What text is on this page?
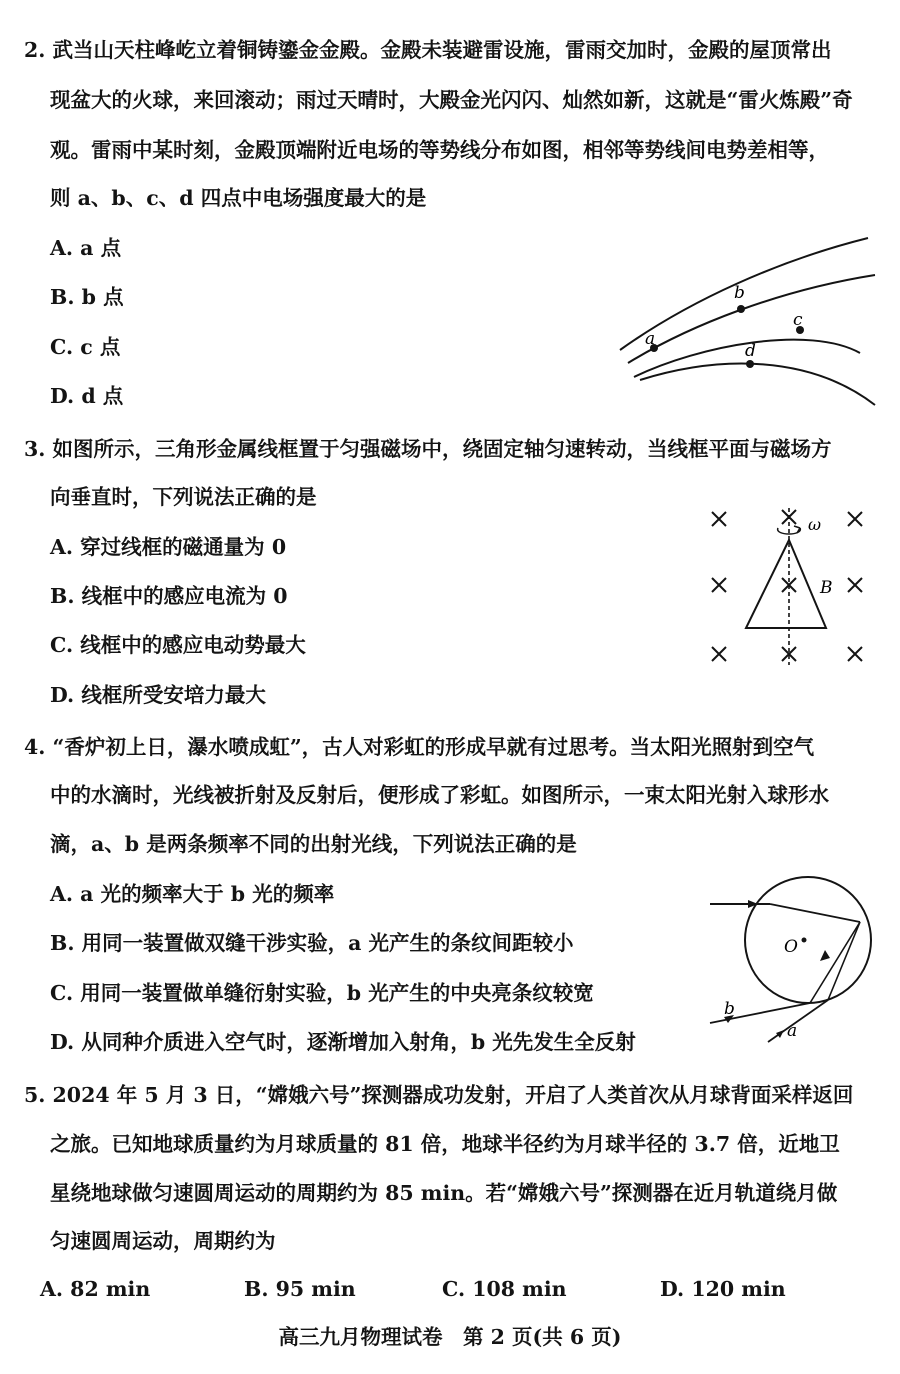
2. 武当山天柱峰屹立着铜铸鎏金金殿。金殿未装避雷设施，雷雨交加时，金殿的屋顶常出
现盆大的火球，来回滚动；雨过天晴时，大殿金光闪闪、灿然如新，这就是“雷火炼殿”奇
观。雷雨中某时刻，金殿顶端附近电场的等势线分布如图，相邻等势线间电势差相等，
则 a、b、c、d 四点中电场强度最大的是
A. a 点
B. b 点
C. c 点
D. d 点
a
b
c
d
3. 如图所示，三角形金属线框置于匀强磁场中，绕固定轴匀速转动，当线框平面与磁场方
向垂直时，下列说法正确的是
A. 穿过线框的磁通量为 0
B. 线框中的感应电流为 0
C. 线框中的感应电动势最大
D. 线框所受安培力最大
ω
B
4. “香炉初上日，瀑水喷成虹”，古人对彩虹的形成早就有过思考。当太阳光照射到空气
中的水滴时，光线被折射及反射后，便形成了彩虹。如图所示，一束太阳光射入球形水
滴，a、b 是两条频率不同的出射光线，下列说法正确的是
A. a 光的频率大于 b 光的频率
B. 用同一装置做双缝干涉实验，a 光产生的条纹间距较小
C. 用同一装置做单缝衍射实验，b 光产生的中央亮条纹较宽
D. 从同种介质进入空气时，逐渐增加入射角，b 光先发生全反射
O
a
b
5. 2024 年 5 月 3 日，“嫦娥六号”探测器成功发射，开启了人类首次从月球背面采样返回
之旅。已知地球质量约为月球质量的 81 倍，地球半径约为月球半径的 3.7 倍，近地卫
星绕地球做匀速圆周运动的周期约为 85 min。若“嫦娥六号”探测器在近月轨道绕月做
匀速圆周运动，周期约为
A. 82 min	B. 95 min	C. 108 min	D. 120 min
高三九月物理试卷　第 2 页(共 6 页)
